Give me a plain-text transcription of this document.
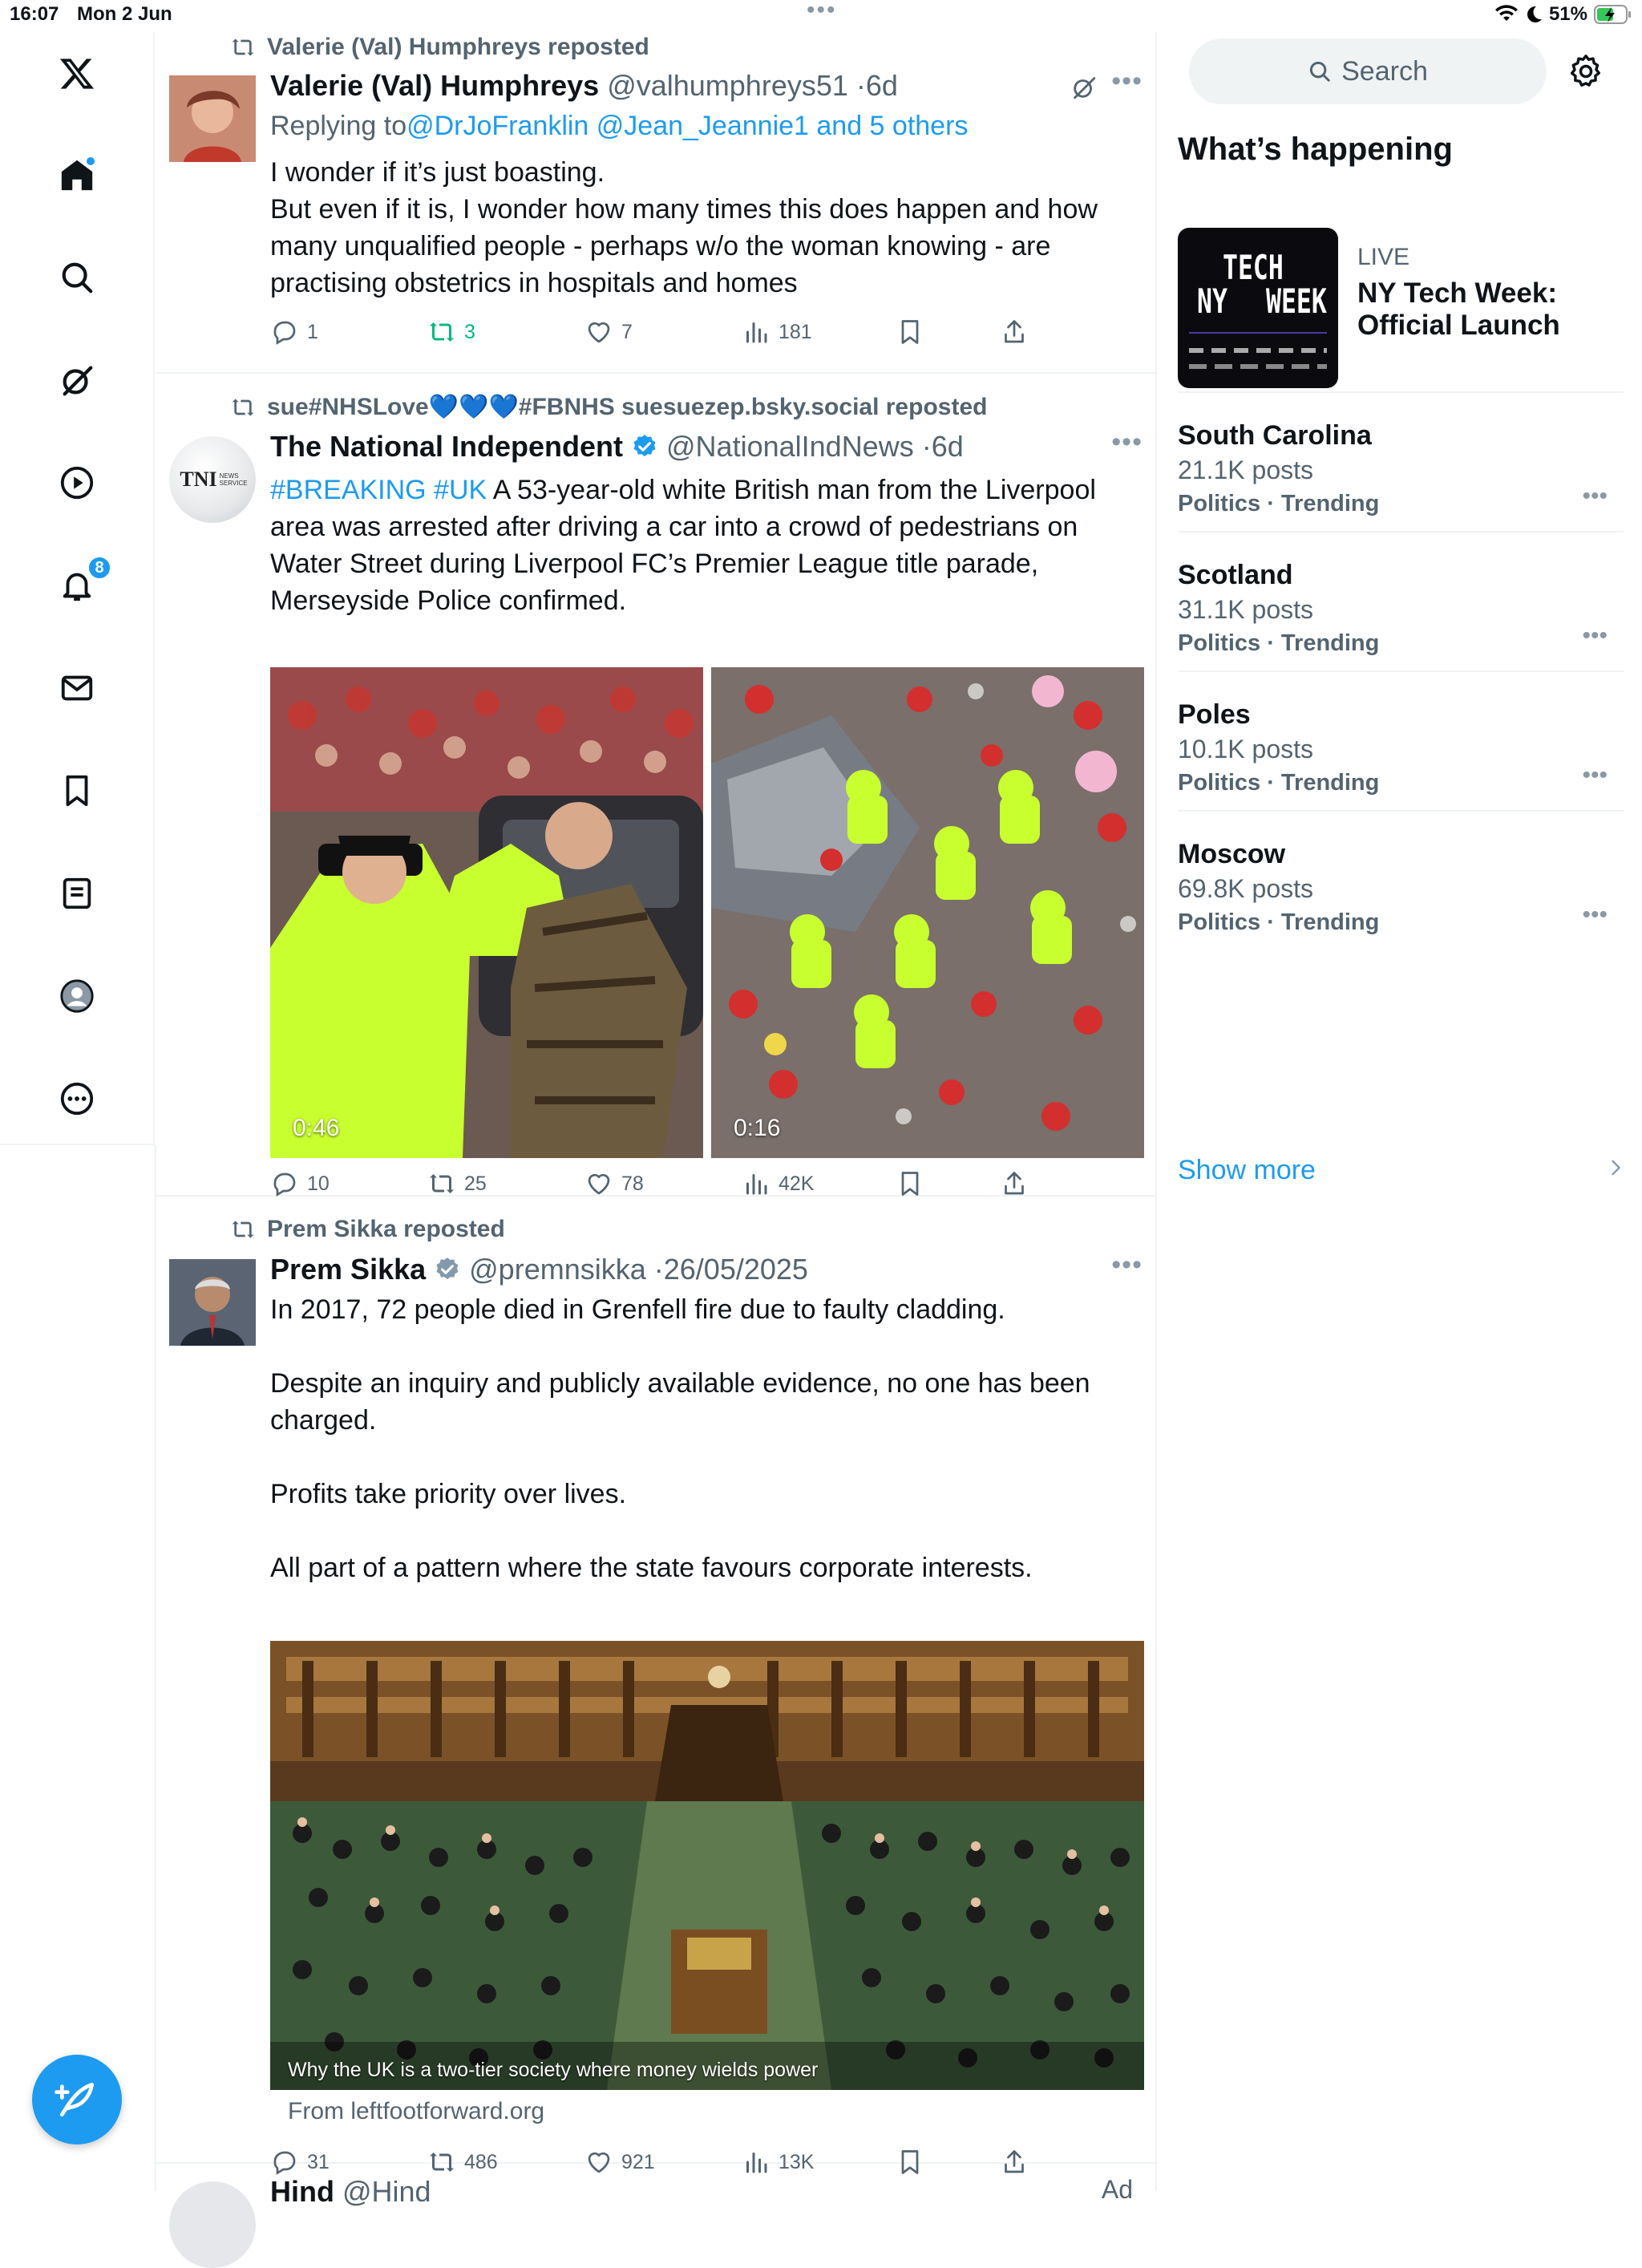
16:07 Mon 2 Jun	•••	51%
8
Valerie (Val) Humphreys reposted
Valerie (Val) Humphreys @valhumphreys51 · 6d	•••
Replying to @DrJoFranklin @Jean_Jeannie1 and 5 others
I wonder if it’s just boasting.
But even if it is, I wonder how many times this does happen and how many unqualified people - perhaps w/o the woman knowing - are practising obstetrics in hospitals and homes
1	3	7	181
sue#NHSLove💙💙💙#FBNHS suesuezep.bsky.social reposted
TNI NEWS SERVICE
The National Independent @NationalIndNews · 6d	•••
#BREAKING #UK A 53-year-old white British man from the Liverpool area was arrested after driving a car into a crowd of pedestrians on Water Street during Liverpool FC’s Premier League title parade, Merseyside Police confirmed.
0:46	0:16
10	25	78	42K
Prem Sikka reposted
Prem Sikka @premnsikka · 26/05/2025	•••
In 2017, 72 people died in Grenfell fire due to faulty cladding.

Despite an inquiry and publicly available evidence, no one has been charged.

Profits take priority over lives.

All part of a pattern where the state favours corporate interests.
Why the UK is a two-tier society where money wields power
From leftfootforward.org
31	486	921	13K
Hind @Hind	Ad
Search
What’s happening
TECH
NY WEEK
LIVE
NY Tech Week: Official Launch
South Carolina
21.1K posts
Politics · Trending	•••
Scotland
31.1K posts
Politics · Trending	•••
Poles
10.1K posts
Politics · Trending	•••
Moscow
69.8K posts
Politics · Trending	•••
Show more
